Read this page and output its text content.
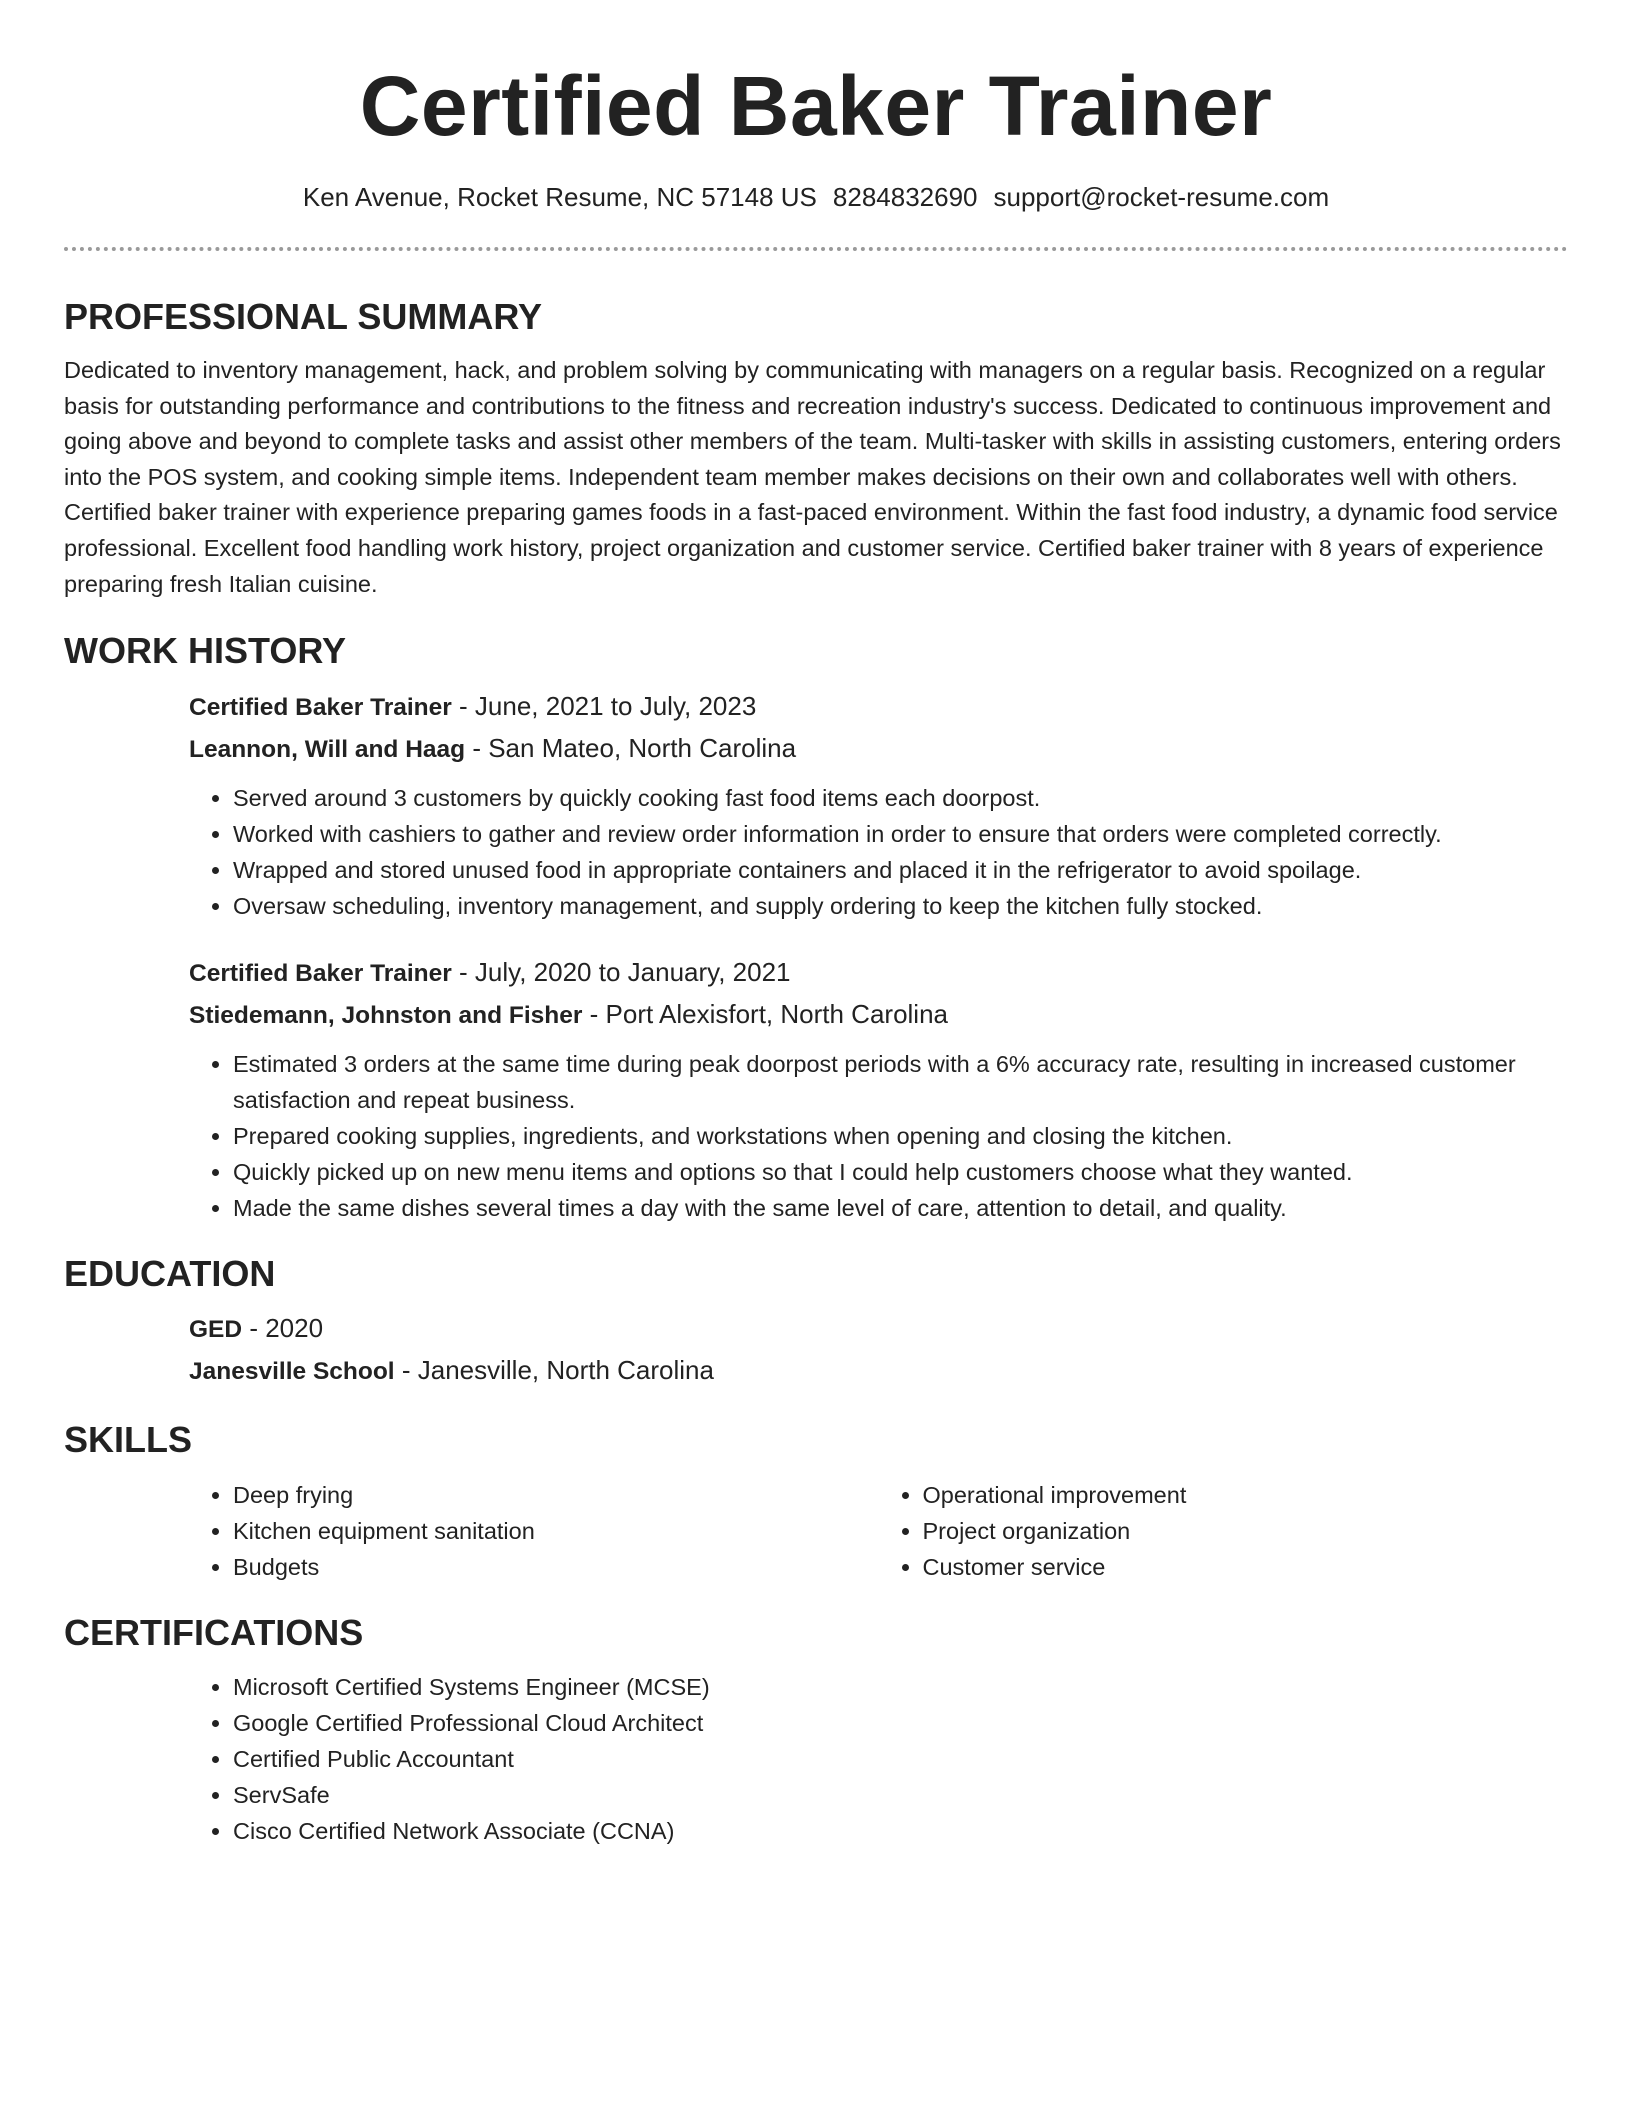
Certified Baker Trainer
Ken Avenue, Rocket Resume, NC 57148 US 8284832690 support@rocket-resume.com
PROFESSIONAL SUMMARY

Dedicated to inventory management, hack, and problem solving by communicating with managers on a regular basis. Recognized on a regular basis for outstanding performance and contributions to the fitness and recreation industry's success. Dedicated to continuous improvement and going above and beyond to complete tasks and assist other members of the team. Multi-tasker with skills in assisting customers, entering orders into the POS system, and cooking simple items. Independent team member makes decisions on their own and collaborates well with others. Certified baker trainer with experience preparing games foods in a fast-paced environment. Within the fast food industry, a dynamic food service professional. Excellent food handling work history, project organization and customer service. Certified baker trainer with 8 years of experience preparing fresh Italian cuisine.

WORK HISTORY
Certified Baker Trainer - June, 2021 to July, 2023
Leannon, Will and Haag - San Mateo, North Carolina
• Served around 3 customers by quickly cooking fast food items each doorpost.
• Worked with cashiers to gather and review order information in order to ensure that orders were completed correctly.
• Wrapped and stored unused food in appropriate containers and placed it in the refrigerator to avoid spoilage.
• Oversaw scheduling, inventory management, and supply ordering to keep the kitchen fully stocked.
Certified Baker Trainer - July, 2020 to January, 2021
Stiedemann, Johnston and Fisher - Port Alexisfort, North Carolina
• Estimated 3 orders at the same time during peak doorpost periods with a 6% accuracy rate, resulting in increased customer satisfaction and repeat business.
• Prepared cooking supplies, ingredients, and workstations when opening and closing the kitchen.
• Quickly picked up on new menu items and options so that I could help customers choose what they wanted.
• Made the same dishes several times a day with the same level of care, attention to detail, and quality.
EDUCATION
GED - 2020
Janesville School - Janesville, North Carolina
SKILLS
• Deep frying
• Kitchen equipment sanitation
• Budgets
• Operational improvement
• Project organization
• Customer service
CERTIFICATIONS
• Microsoft Certified Systems Engineer (MCSE)
• Google Certified Professional Cloud Architect
• Certified Public Accountant
• ServSafe
• Cisco Certified Network Associate (CCNA)
